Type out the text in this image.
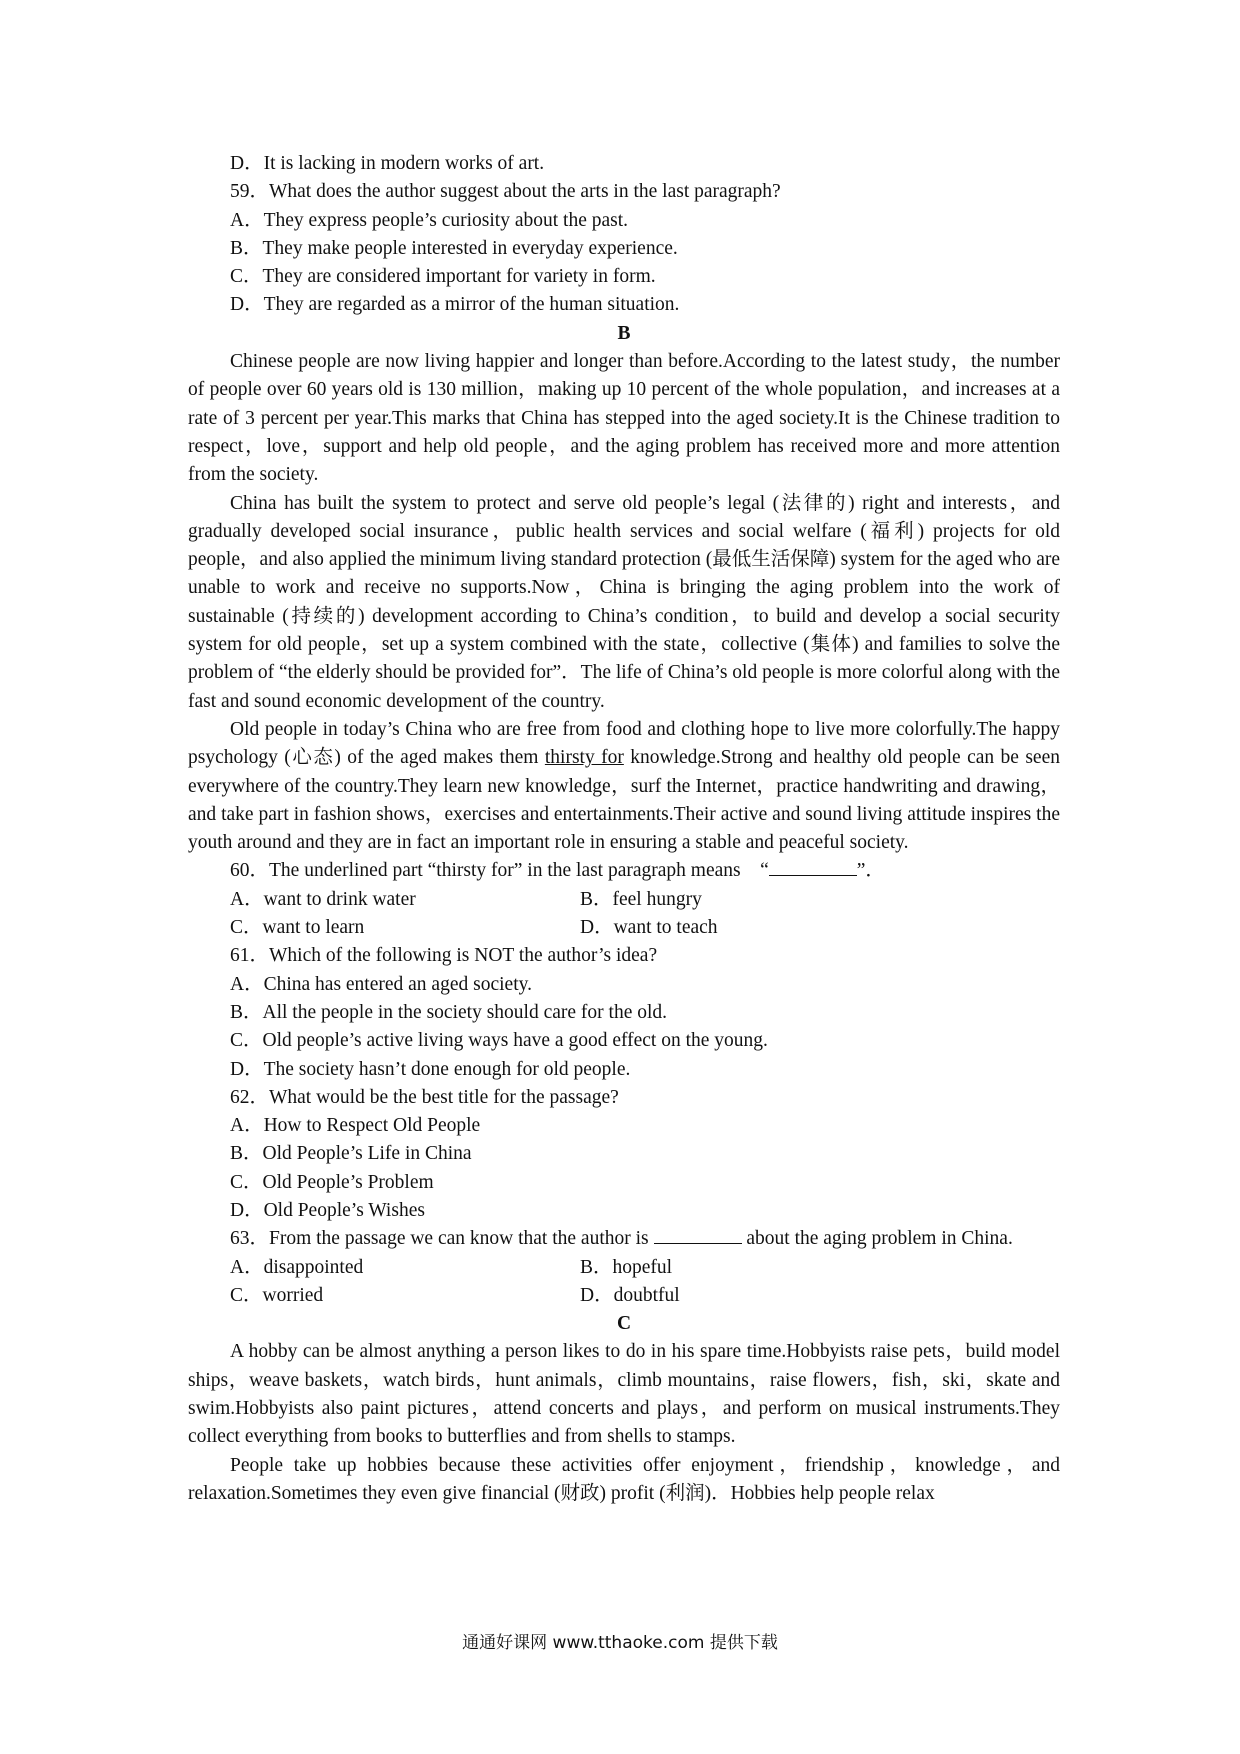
D．It is lacking in modern works of art.
59．What does the author suggest about the arts in the last paragraph?
A．They express people’s curiosity about the past.
B．They make people interested in everyday experience.
C．They are considered important for variety in form.
D．They are regarded as a mirror of the human situation.
B

Chinese people are now living happier and longer than before.According to the latest study，the number of people over 60 years old is 130 million，making up 10 percent of the whole population，and increases at a rate of 3 percent per year.This marks that China has stepped into the aged society.It is the Chinese tradition to respect，love，support and help old people，and the aging problem has received more and more attention from the society.

China has built the system to protect and serve old people’s legal (法律的) right and interests，and gradually developed social insurance，public health services and social welfare (福利) projects for old people，and also applied the minimum living standard protection (最低生活保障) system for the aged who are unable to work and receive no supports.Now，China is bringing the aging problem into the work of sustainable (持续的) development according to China’s condition，to build and develop a social security system for old people，set up a system combined with the state，collective (集体) and families to solve the problem of “the elderly should be provided for”．The life of China’s old people is more colorful along with the fast and sound economic development of the country.

Old people in today’s China who are free from food and clothing hope to live more colorfully.The happy psychology (心态) of the aged makes them thirsty for knowledge.Strong and healthy old people can be seen everywhere of the country.They learn new knowledge，surf the Internet，practice handwriting and drawing，and take part in fashion shows，exercises and entertainments.Their active and sound living attitude inspires the youth around and they are in fact an important role in ensuring a stable and peaceful society.

60．The underlined part “thirsty for” in the last paragraph means　“	”．
A．want to drink water	B．feel hungry
C．want to learn	D．want to teach
61．Which of the following is NOT the author’s idea?
A．China has entered an aged society.
B．All the people in the society should care for the old.
C．Old people’s active living ways have a good effect on the young.
D．The society hasn’t done enough for old people.
62．What would be the best title for the passage?
A．How to Respect Old People
B．Old People’s Life in China
C．Old People’s Problem
D．Old People’s Wishes

63．From the passage we can know that the author is	about the aging problem in China.

A．disappointed	B．hopeful
C．worried	D．doubtful
C

A hobby can be almost anything a person likes to do in his spare time.Hobbyists raise pets，build model ships，weave baskets，watch birds，hunt animals，climb mountains，raise flowers，fish，ski，skate and swim.Hobbyists also paint pictures，attend concerts and plays，and perform on musical instruments.They collect everything from books to butterflies and from shells to stamps.

People take up hobbies because these activities offer enjoyment，friendship，knowledge，and relaxation.Sometimes they even give financial (财政) profit (利润)．Hobbies help people relax

通通好课网 www.tthaoke.com 提供下载
